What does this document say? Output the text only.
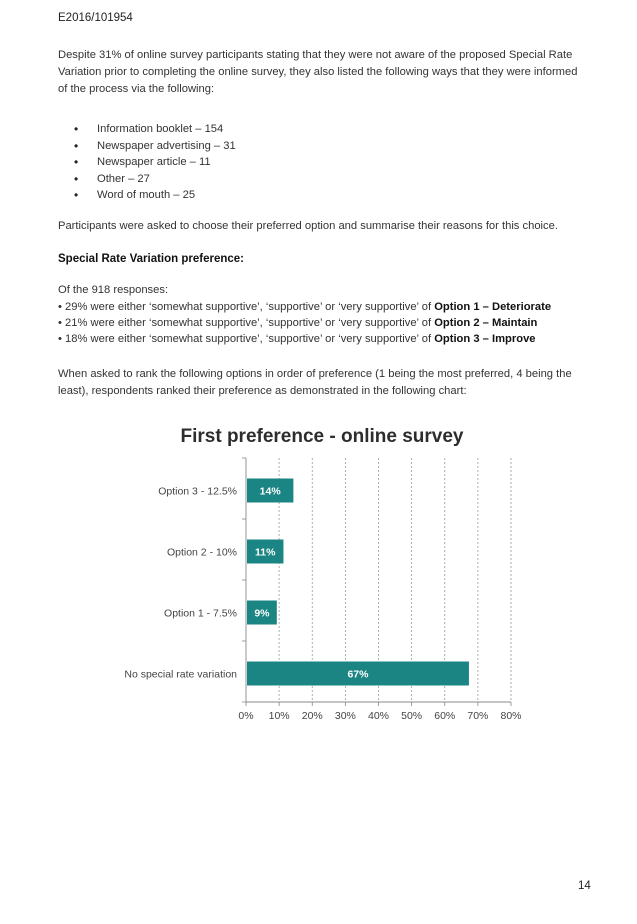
E2016/101954
Despite 31% of online survey participants stating that they were not aware of the proposed Special Rate Variation prior to completing the online survey, they also listed the following ways that they were informed of the process via the following:
• Information booklet – 154
• Newspaper advertising – 31
• Newspaper article – 11
• Other – 27
• Word of mouth – 25
Participants were asked to choose their preferred option and summarise their reasons for this choice.
Special Rate Variation preference:
Of the 918 responses:
• 29% were either ‘somewhat supportive’, ‘supportive’ or ‘very supportive’ of Option 1 – Deteriorate
• 21% were either ‘somewhat supportive’, ‘supportive’ or ‘very supportive’ of Option 2 – Maintain
• 18% were either ‘somewhat supportive’, ‘supportive’ or ‘very supportive’ of Option 3 – Improve
When asked to rank the following options in order of preference (1 being the most preferred, 4 being the least), respondents ranked their preference as demonstrated in the following chart:
First preference - online survey
0% 10% 20% 30% 40% 50% 60% 70% 80%
Option 3 - 12.5% 14%
Option 2 - 10% 11%
Option 1 - 7.5% 9%
No special rate variation	67%
14
